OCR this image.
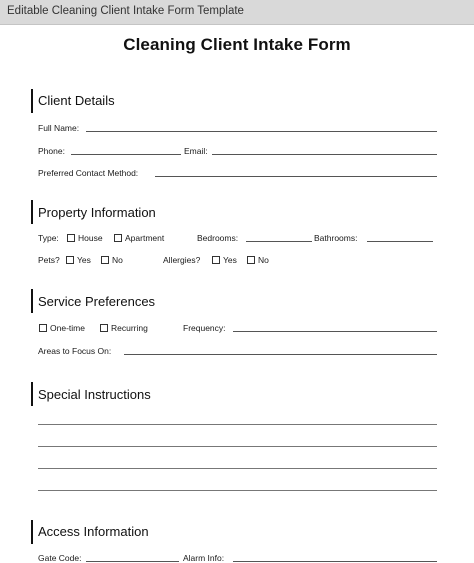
Editable Cleaning Client Intake Form Template
Cleaning Client Intake Form
Client Details
Full Name:
Phone:	Email:
Preferred Contact Method:
Property Information
Type: House	Apartment	Bedrooms:	Bathrooms:
Pets? Yes No	Allergies?	Yes No
Service Preferences
One-time	Recurring	Frequency:
Areas to Focus On:
Special Instructions
Access Information
Gate Code:	Alarm Info:
